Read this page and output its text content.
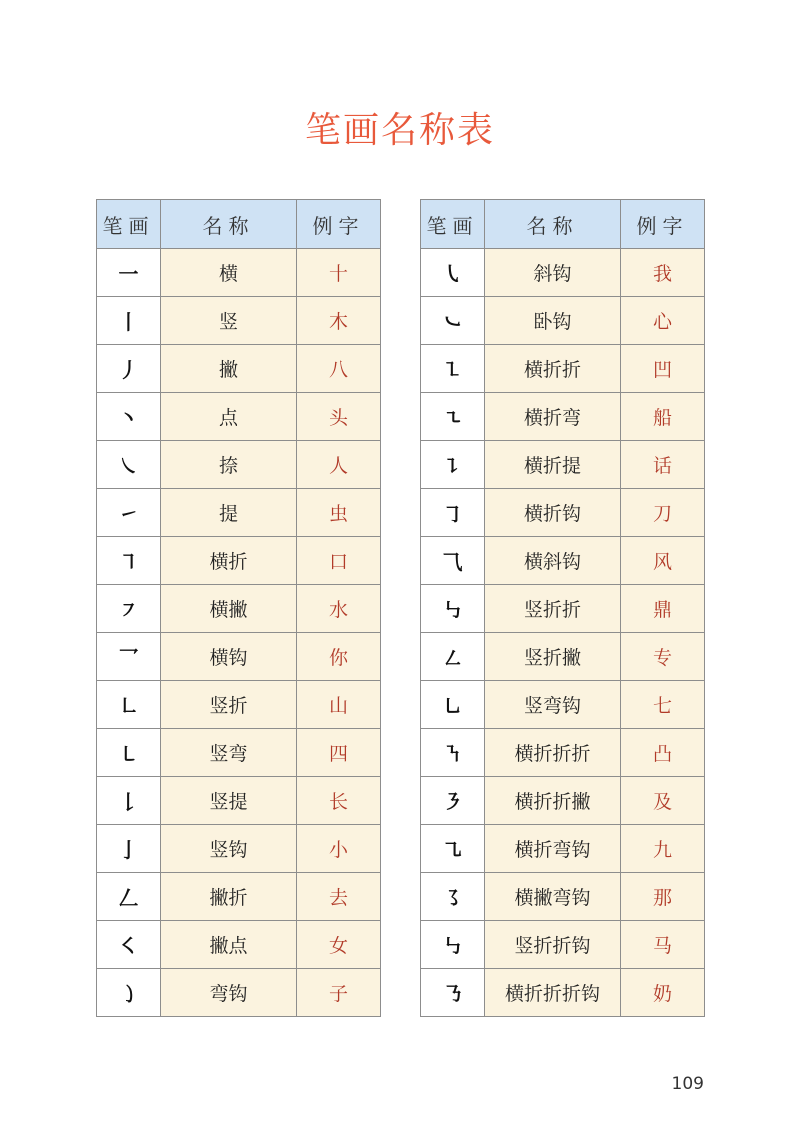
笔画名称表
笔画	名称	例字
一	横	十
丨	竖	木
丿	撇	八
丶	点	头
㇏	捺	人
㇀	提	虫
㇕	横折	口
㇇	横撇	水
乛	横钩	你
㇗	竖折	山
㇄	竖弯	四
𠄌	竖提	长
亅	竖钩	小
𠃋	撇折	去
㇛	撇点	女
㇁	弯钩	子
笔画	名称	例字
㇂	斜钩	我
㇃	卧钩	心
㇅	横折折	凹
㇍	横折弯	船
㇊	横折提	话
㇆	横折钩	刀
⺄	横斜钩	风
㇉	竖折折	鼎
㇜	竖折撇	专
㇟	竖弯钩	七
㇎	横折折折	凸
㇋	横折折撇	及
㇈	横折弯钩	九
㇌	横撇弯钩	那
㇉	竖折折钩	马
㇡	横折折折钩	奶
109
